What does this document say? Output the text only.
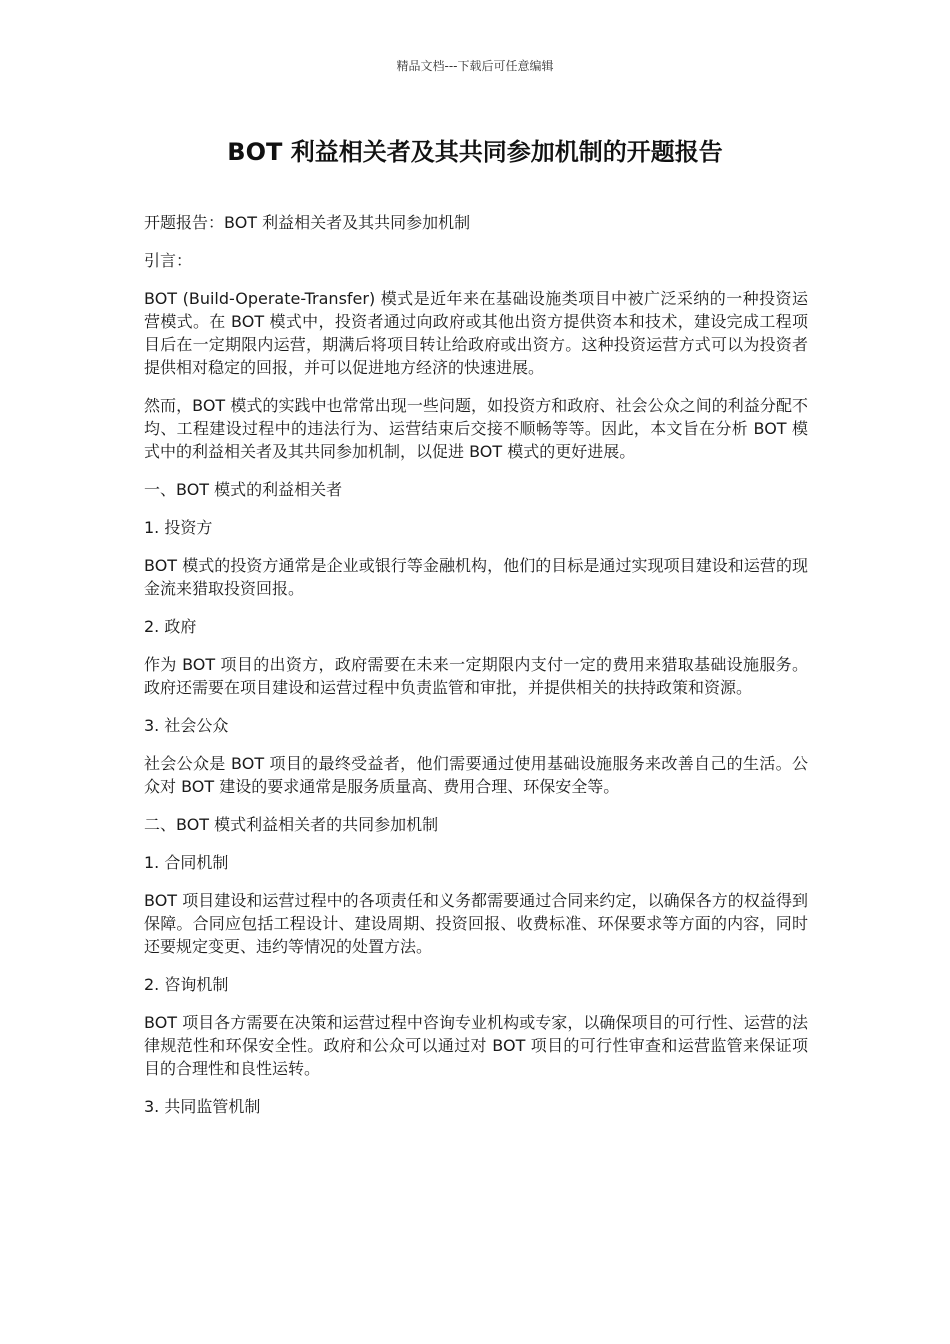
精品文档---下载后可任意编辑
BOT 利益相关者及其共同参加机制的开题报告

开题报告：BOT 利益相关者及其共同参加机制

引言：

BOT (Build-Operate-Transfer) 模式是近年来在基础设施类项目中被广泛采纳的一种投资运营模式。在 BOT 模式中，投资者通过向政府或其他出资方提供资本和技术，建设完成工程项目后在一定期限内运营，期满后将项目转让给政府或出资方。这种投资运营方式可以为投资者提供相对稳定的回报，并可以促进地方经济的快速进展。

然而，BOT 模式的实践中也常常出现一些问题，如投资方和政府、社会公众之间的利益分配不均、工程建设过程中的违法行为、运营结束后交接不顺畅等等。因此，本文旨在分析 BOT 模式中的利益相关者及其共同参加机制，以促进 BOT 模式的更好进展。

一、BOT 模式的利益相关者

1. 投资方

BOT 模式的投资方通常是企业或银行等金融机构，他们的目标是通过实现项目建设和运营的现金流来猎取投资回报。

2. 政府

作为 BOT 项目的出资方，政府需要在未来一定期限内支付一定的费用来猎取基础设施服务。政府还需要在项目建设和运营过程中负责监管和审批，并提供相关的扶持政策和资源。

3. 社会公众

社会公众是 BOT 项目的最终受益者，他们需要通过使用基础设施服务来改善自己的生活。公众对 BOT 建设的要求通常是服务质量高、费用合理、环保安全等。

二、BOT 模式利益相关者的共同参加机制

1. 合同机制

BOT 项目建设和运营过程中的各项责任和义务都需要通过合同来约定，以确保各方的权益得到保障。合同应包括工程设计、建设周期、投资回报、收费标准、环保要求等方面的内容，同时还要规定变更、违约等情况的处置方法。

2. 咨询机制

BOT 项目各方需要在决策和运营过程中咨询专业机构或专家，以确保项目的可行性、运营的法律规范性和环保安全性。政府和公众可以通过对 BOT 项目的可行性审查和运营监管来保证项目的合理性和良性运转。

3. 共同监管机制
